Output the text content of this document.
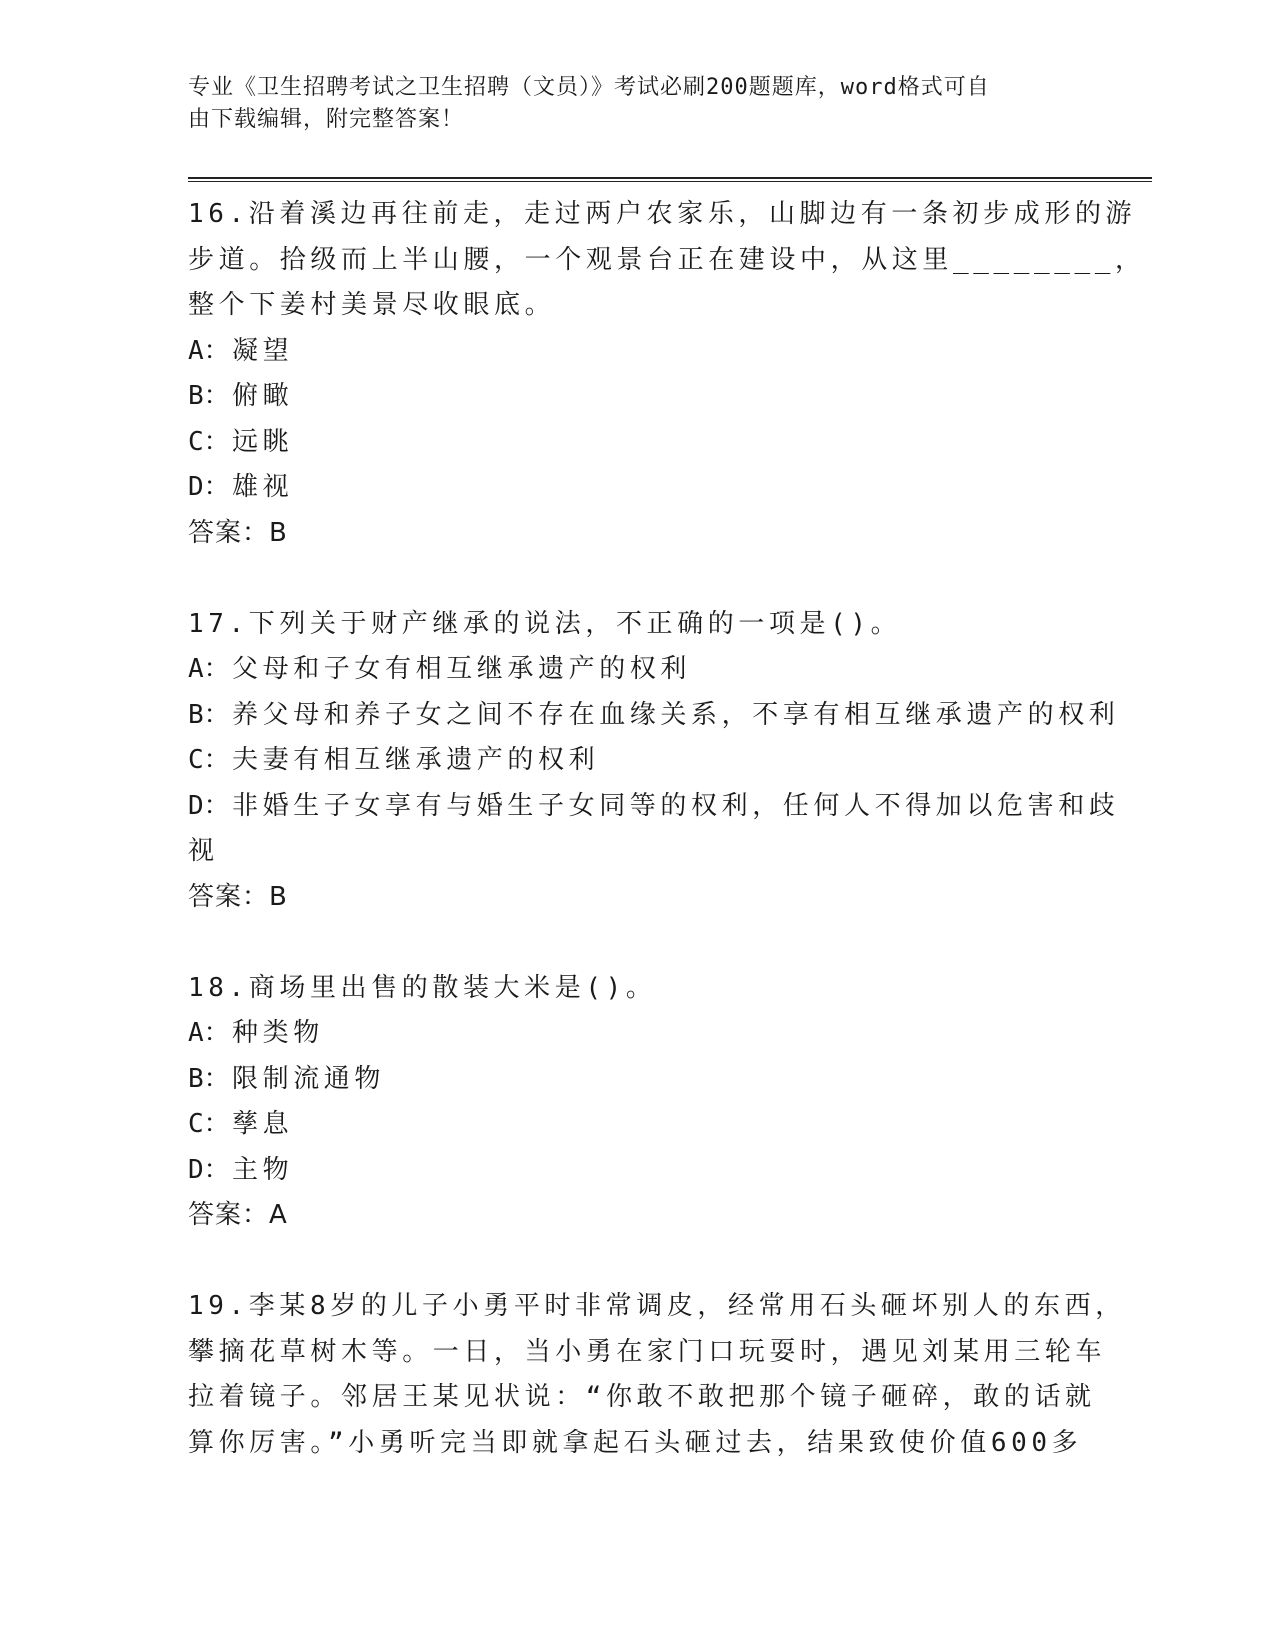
专业《卫生招聘考试之卫生招聘（文员）》考试必刷200题题库，word格式可自
由下载编辑，附完整答案！
16.沿着溪边再往前走，走过两户农家乐，山脚边有一条初步成形的游
步道。拾级而上半山腰，一个观景台正在建设中，从这里________，
整个下姜村美景尽收眼底。
A：凝望
B：俯瞰
C：远眺
D：雄视
答案：B
17.下列关于财产继承的说法，不正确的一项是()。
A：父母和子女有相互继承遗产的权利
B：养父母和养子女之间不存在血缘关系，不享有相互继承遗产的权利
C：夫妻有相互继承遗产的权利
D：非婚生子女享有与婚生子女同等的权利，任何人不得加以危害和歧
视
答案：B
18.商场里出售的散装大米是()。
A：种类物
B：限制流通物
C：孳息
D：主物
答案：A
19.李某8岁的儿子小勇平时非常调皮，经常用石头砸坏别人的东西，
攀摘花草树木等。一日，当小勇在家门口玩耍时，遇见刘某用三轮车
拉着镜子。邻居王某见状说：“你敢不敢把那个镜子砸碎，敢的话就
算你厉害。”小勇听完当即就拿起石头砸过去，结果致使价值600多
